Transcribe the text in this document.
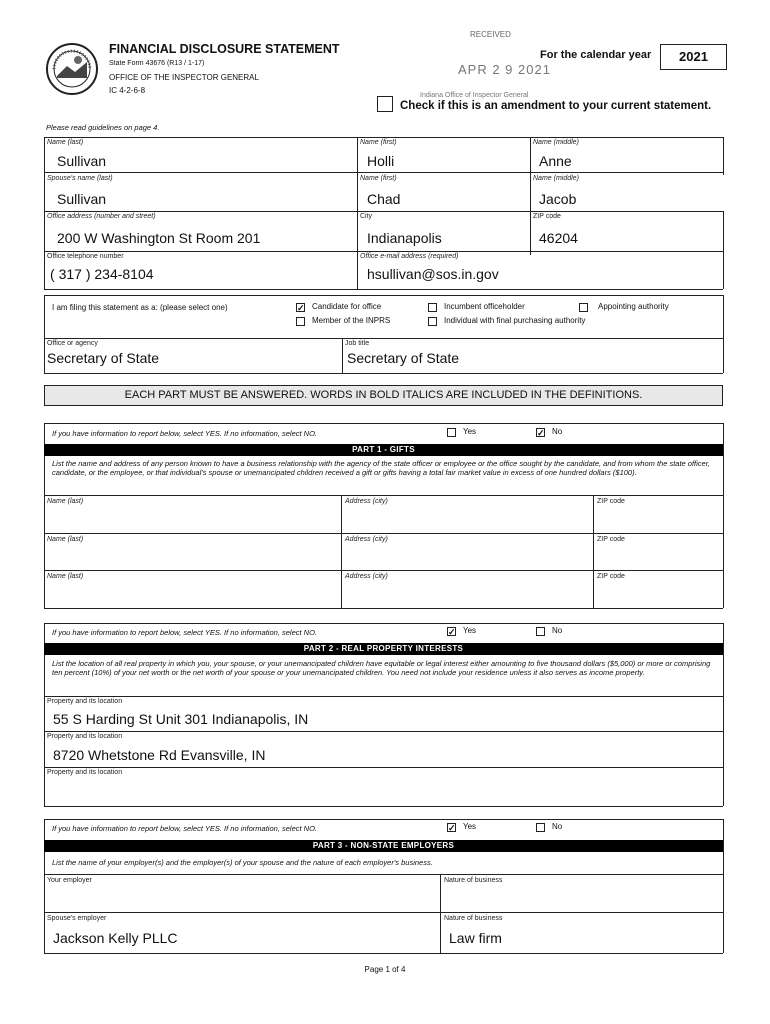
FINANCIAL DISCLOSURE STATEMENT
State Form 43676 (R13 / 1-17)
OFFICE OF THE INSPECTOR GENERAL
IC 4-2-6-8
RECEIVED
APR 2 9 2021
For the calendar year	2021
Indiana Office of Inspector General
Check if this is an amendment to your current statement.
Please read guidelines on page 4.
Name (last)
Sullivan
Name (first)
Holli
Name (middle)
Anne
Spouse's name (last)
Sullivan
Name (first)
Chad
Name (middle)
Jacob
Office address (number and street)
200 W Washington St Room 201
City
Indianapolis
ZIP code
46204
Office telephone number
( 317 ) 234-8104
Office e-mail address (required)
hsullivan@sos.in.gov
I am filing this statement as a: (please select one)	✓ Candidate for office	Incumbent officeholder	Appointing authority
Member of the INPRS	Individual with final purchasing authority
Office or agency
Secretary of State
Job title
Secretary of State
EACH PART MUST BE ANSWERED. WORDS IN BOLD ITALICS ARE INCLUDED IN THE DEFINITIONS.
If you have information to report below, select YES. If no information, select NO.	Yes	✓ No
PART 1 - GIFTS
List the name and address of any person known to have a business relationship with the agency of the state officer or employee or the office sought by the candidate, and from whom the state officer, candidate, or the employee, or that individual's spouse or unemancipated children received a gift or gifts having a total fair market value in excess of one hundred dollars ($100).
Name (last)	Address (city)	ZIP code
Name (last)	Address (city)	ZIP code
Name (last)	Address (city)	ZIP code
If you have information to report below, select YES. If no information, select NO.	✓ Yes	No
PART 2 - REAL PROPERTY INTERESTS
List the location of all real property in which you, your spouse, or your unemancipated children have equitable or legal interest either amounting to five thousand dollars ($5,000) or more or comprising ten percent (10%) of your net worth or the net worth of your spouse or your unemancipated children. You need not include your residence unless it also serves as income property.
Property and its location
55 S Harding St Unit 301 Indianapolis, IN
Property and its location
8720 Whetstone Rd Evansville, IN
Property and its location
If you have information to report below, select YES. If no information, select NO.	✓ Yes	No
PART 3 - NON-STATE EMPLOYERS
List the name of your employer(s) and the employer(s) of your spouse and the nature of each employer's business.
Your employer	Nature of business
Spouse's employer
Jackson Kelly PLLC
Nature of business
Law firm
Page 1 of 4
